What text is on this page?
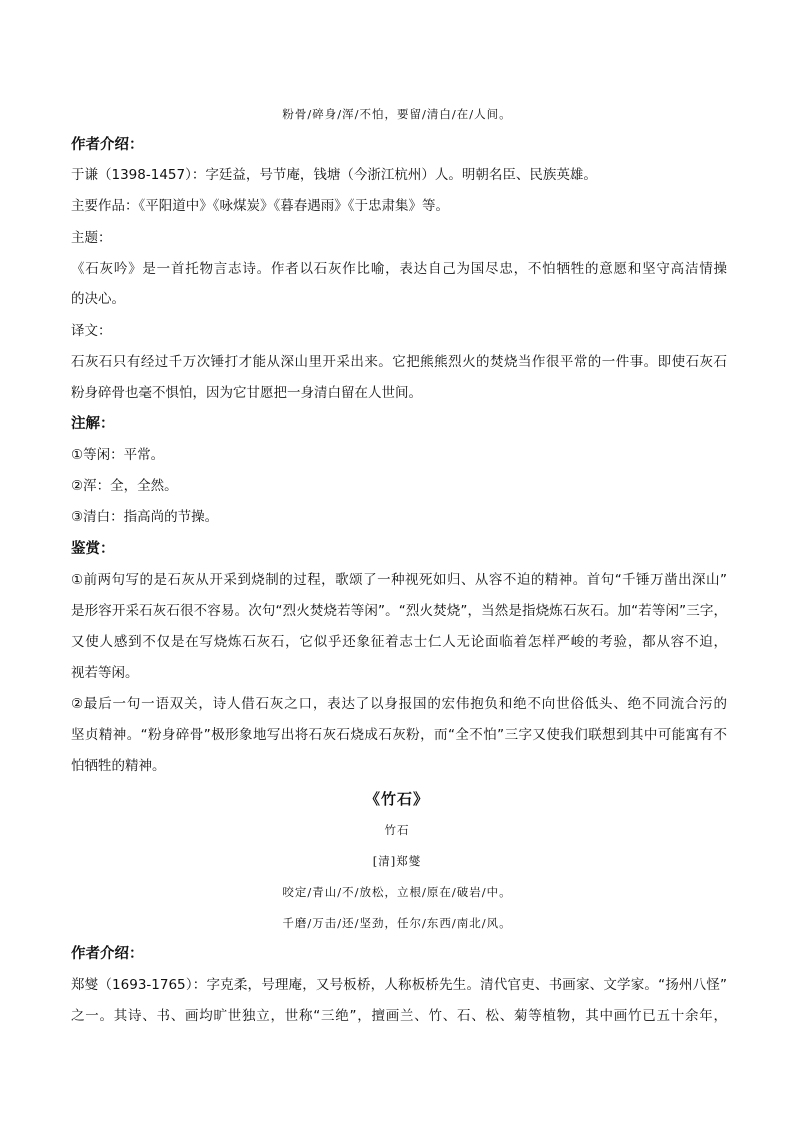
粉骨/碎身/浑/不怕，要留/清白/在/人间。
作者介绍：
于谦（1398-1457）：字廷益，号节庵，钱塘（今浙江杭州）人。明朝名臣、民族英雄。
主要作品：《平阳道中》《咏煤炭》《暮春遇雨》《于忠肃集》等。
主题：
《石灰吟》是一首托物言志诗。作者以石灰作比喻，表达自己为国尽忠，不怕牺牲的意愿和坚守高洁情操
的决心。
译文：
石灰石只有经过千万次锤打才能从深山里开采出来。它把熊熊烈火的焚烧当作很平常的一件事。即使石灰石
粉身碎骨也毫不惧怕，因为它甘愿把一身清白留在人世间。
注解：
①等闲：平常。
②浑：全，全然。
③清白：指高尚的节操。
鉴赏：
①前两句写的是石灰从开采到烧制的过程，歌颂了一种视死如归、从容不迫的精神。首句“千锤万凿出深山”
是形容开采石灰石很不容易。次句“烈火焚烧若等闲”。“烈火焚烧”，当然是指烧炼石灰石。加“若等闲”三字，
又使人感到不仅是在写烧炼石灰石，它似乎还象征着志士仁人无论面临着怎样严峻的考验，都从容不迫，
视若等闲。
②最后一句一语双关，诗人借石灰之口，表达了以身报国的宏伟抱负和绝不向世俗低头、绝不同流合污的
坚贞精神。“粉身碎骨”极形象地写出将石灰石烧成石灰粉，而“全不怕”三字又使我们联想到其中可能寓有不
怕牺牲的精神。
《竹石》
竹石
[清]郑燮
咬定/青山/不/放松，立根/原在/破岩/中。
千磨/万击/还/坚劲，任尔/东西/南北/风。
作者介绍：
郑燮（1693-1765）：字克柔，号理庵，又号板桥，人称板桥先生。清代官吏、书画家、文学家。“扬州八怪”
之一。其诗、书、画均旷世独立，世称“三绝”，擅画兰、竹、石、松、菊等植物，其中画竹已五十余年，
